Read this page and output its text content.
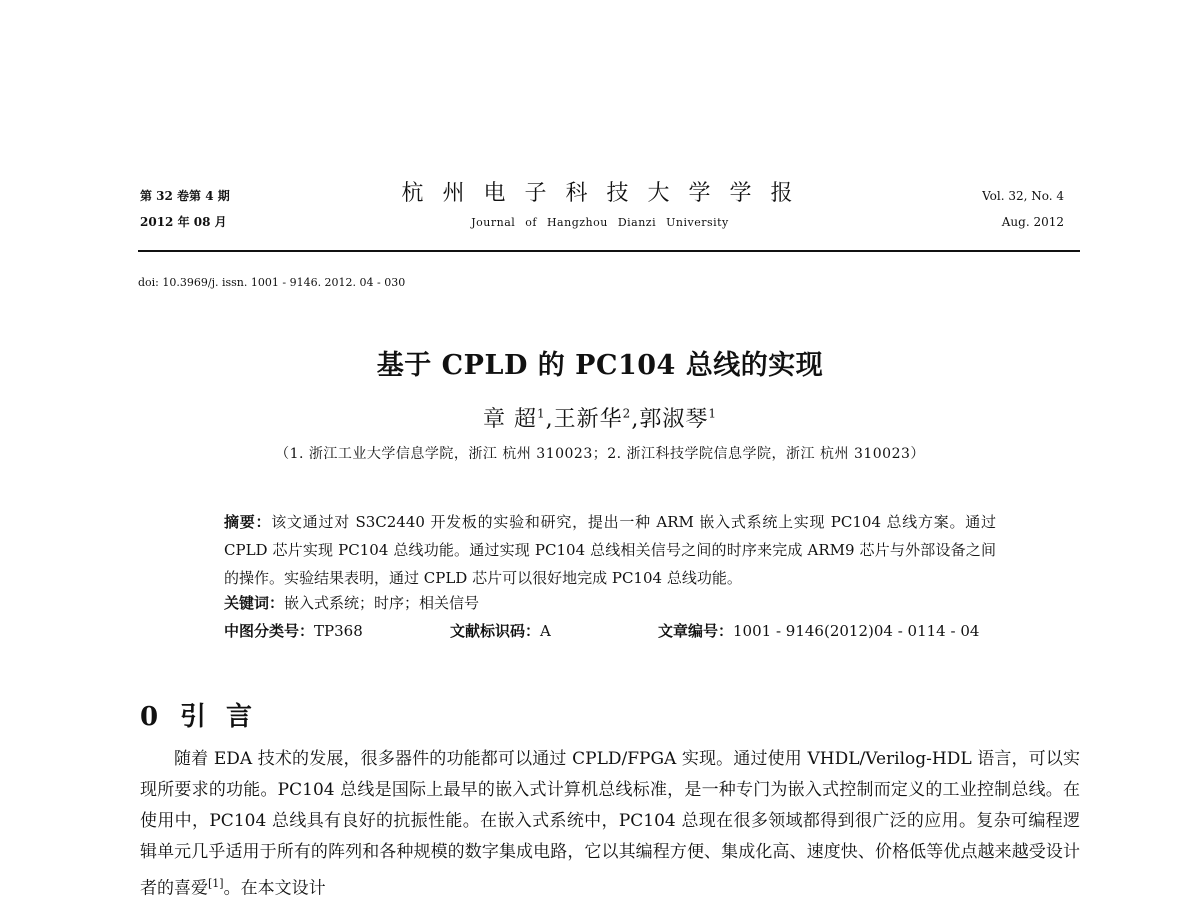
第 32 卷第 4 期
2012 年 08 月
杭 州 电 子 科 技 大 学 学 报
Journal of Hangzhou Dianzi University
Vol. 32, No. 4
Aug. 2012
doi: 10.3969/j. issn. 1001 - 9146. 2012. 04 - 030
基于 CPLD 的 PC104 总线的实现
章 超$^1$,王新华$^2$,郭淑琴$^1$
（1. 浙江工业大学信息学院，浙江 杭州 310023；2. 浙江科技学院信息学院，浙江 杭州 310023）
摘要：该文通过对 S3C2440 开发板的实验和研究，提出一种 ARM 嵌入式系统上实现 PC104 总线方案。通过 CPLD 芯片实现 PC104 总线功能。通过实现 PC104 总线相关信号之间的时序来完成 ARM9 芯片与外部设备之间的操作。实验结果表明，通过 CPLD 芯片可以很好地完成 PC104 总线功能。
关键词：嵌入式系统；时序；相关信号
中图分类号：TP368	文献标识码：A	文章编号：1001 - 9146(2012)04 - 0114 - 04
0 引言
随着 EDA 技术的发展，很多器件的功能都可以通过 CPLD/FPGA 实现。通过使用 VHDL/Verilog-HDL 语言，可以实现所要求的功能。PC104 总线是国际上最早的嵌入式计算机总线标准，是一种专门为嵌入式控制而定义的工业控制总线。在使用中，PC104 总线具有良好的抗振性能。在嵌入式系统中，PC104 总现在很多领域都得到很广泛的应用。复杂可编程逻辑单元几乎适用于所有的阵列和各种规模的数字集成电路，它以其编程方便、集成化高、速度快、价格低等优点越来越受设计者的喜爱[1]。在本文设计
